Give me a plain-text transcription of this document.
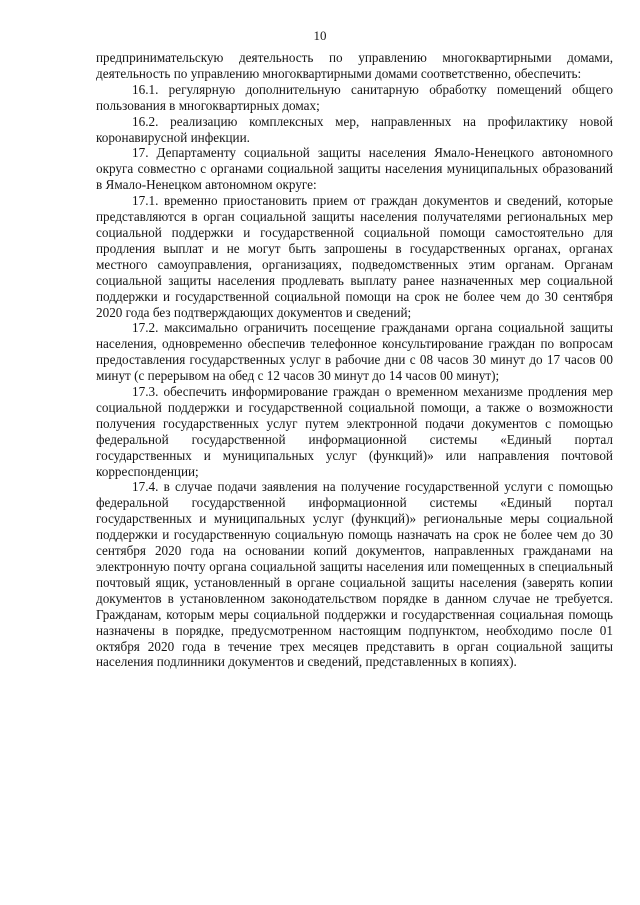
10

предпринимательскую деятельность по управлению многоквартирными домами, деятельность по управлению многоквартирными домами соответственно, обеспечить:

16.1. регулярную дополнительную санитарную обработку помещений общего пользования в многоквартирных домах;

16.2. реализацию комплексных мер, направленных на профилактику новой коронавирусной инфекции.

17. Департаменту социальной защиты населения Ямало-Ненецкого автономного округа совместно с органами социальной защиты населения муниципальных образований в Ямало-Ненецком автономном округе:

17.1. временно приостановить прием от граждан документов и сведений, которые представляются в орган социальной защиты населения получателями региональных мер социальной поддержки и государственной социальной помощи самостоятельно для продления выплат и не могут быть запрошены в государственных органах, органах местного самоуправления, организациях, подведомственных этим органам. Органам социальной защиты населения продлевать выплату ранее назначенных мер социальной поддержки и государственной социальной помощи на срок не более чем до 30 сентября 2020 года без подтверждающих документов и сведений;

17.2. максимально ограничить посещение гражданами органа социальной защиты населения, одновременно обеспечив телефонное консультирование граждан по вопросам предоставления государственных услуг в рабочие дни с 08 часов 30 минут до 17 часов 00 минут (с перерывом на обед с 12 часов 30 минут до 14 часов 00 минут);

17.3. обеспечить информирование граждан о временном механизме продления мер социальной поддержки и государственной социальной помощи, а также о возможности получения государственных услуг путем электронной подачи документов с помощью федеральной государственной информационной системы «Единый портал государственных и муниципальных услуг (функций)» или направления почтовой корреспонденции;

17.4. в случае подачи заявления на получение государственной услуги с помощью федеральной государственной информационной системы «Единый портал государственных и муниципальных услуг (функций)» региональные меры социальной поддержки и государственную социальную помощь назначать на срок не более чем до 30 сентября 2020 года на основании копий документов, направленных гражданами на электронную почту органа социальной защиты населения или помещенных в специальный почтовый ящик, установленный в органе социальной защиты населения (заверять копии документов в установленном законодательством порядке в данном случае не требуется. Гражданам, которым меры социальной поддержки и государственная социальная помощь назначены в порядке, предусмотренном настоящим подпунктом, необходимо после 01 октября 2020 года в течение трех месяцев представить в орган социальной защиты населения подлинники документов и сведений, представленных в копиях).
